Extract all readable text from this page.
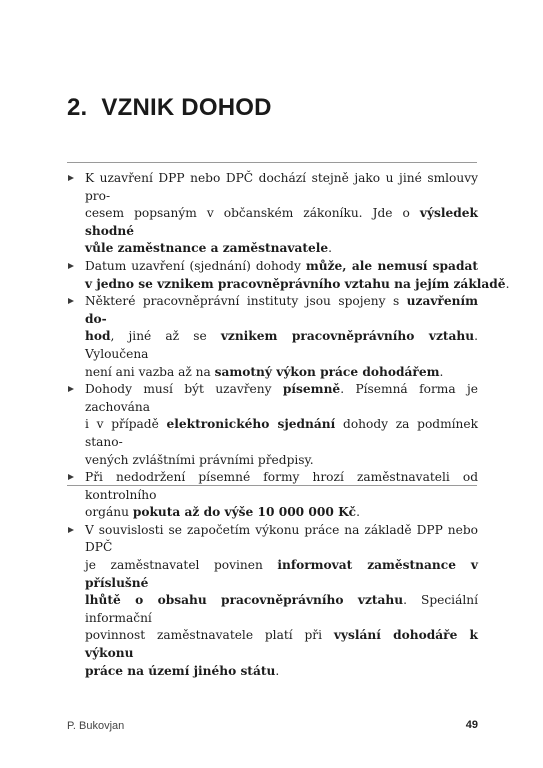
2. VZNIK DOHOD
K uzavření DPP nebo DPČ dochází stejně jako u jiné smlouvy pro-
cesem popsaným v občanském zákoníku. Jde o výsledek shodné
vůle zaměstnance a zaměstnavatele.
Datum uzavření (sjednání) dohody může, ale nemusí spadat
v jedno se vznikem pracovněprávního vztahu na jejím základě.
Některé pracovněprávní instituty jsou spojeny s uzavřením do-
hod, jiné až se vznikem pracovněprávního vztahu. Vyloučena
není ani vazba až na samotný výkon práce dohodářem.
Dohody musí být uzavřeny písemně. Písemná forma je zachována
i v případě elektronického sjednání dohody za podmínek stano-
vených zvláštními právními předpisy.
Při nedodržení písemné formy hrozí zaměstnavateli od kontrolního
orgánu pokuta až do výše 10 000 000 Kč.
V souvislosti se započetím výkonu práce na základě DPP nebo DPČ
je zaměstnavatel povinen informovat zaměstnance v příslušné
lhůtě o obsahu pracovněprávního vztahu. Speciální informační
povinnost zaměstnavatele platí při vyslání dohodáře k výkonu
práce na území jiného státu.
P. Bukovjan	49
